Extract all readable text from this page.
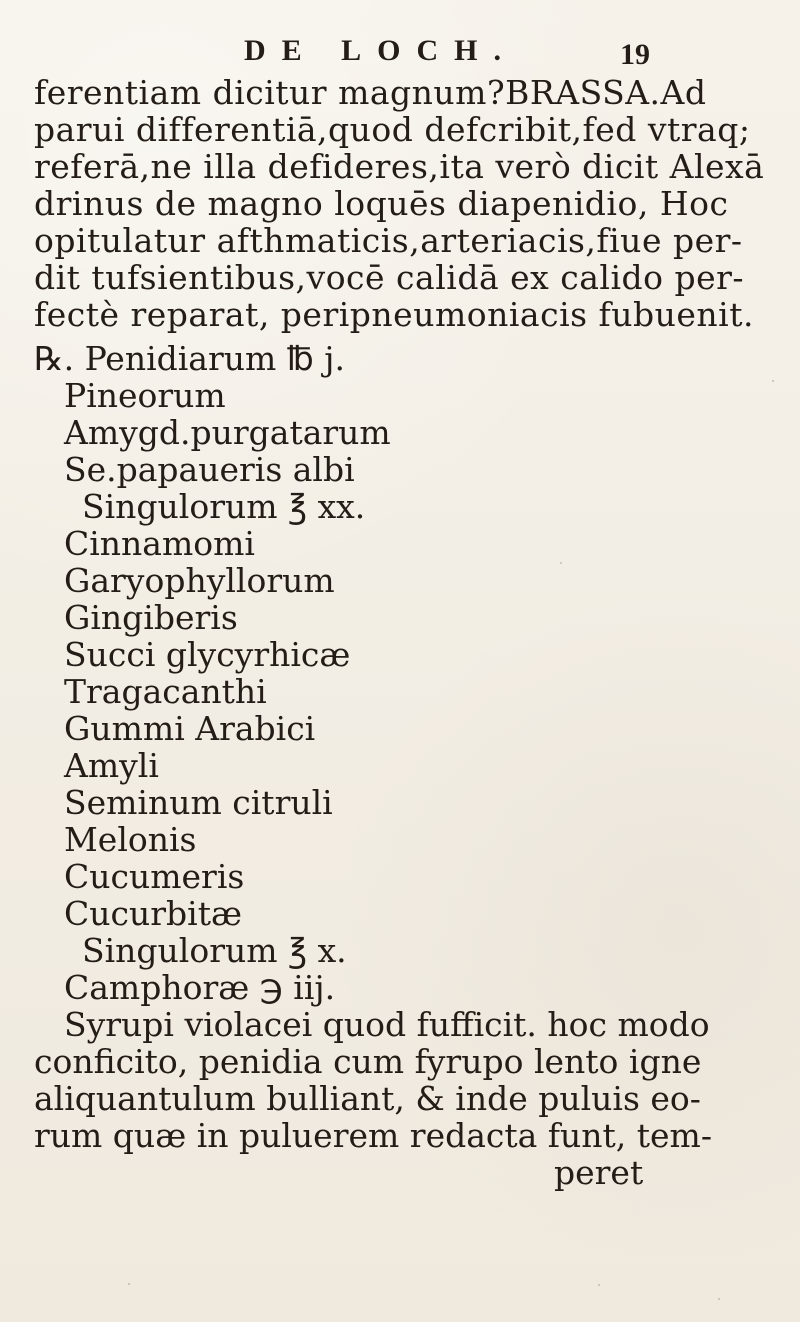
DE LOCH.	19
ferentiam dicitur magnum?BRASSA.Ad
parui differentiā,quod defcribit,fed vtraq;
referā,ne illa defideres,ita verò dicit Alexā
drinus de magno loquēs diapenidio, Hoc
opitulatur afthmaticis,arteriacis,fiue per-
dit tufsientibus,vocē calidā ex calido per-
fectè reparat, peripneumoniacis fubuenit.
℞. Penidiarum ℔ j.
Pineorum
Amygd.purgatarum
Se.papaueris albi
Singulorum ℥ xx.
Cinnamomi
Garyophyllorum
Gingiberis
Succi glycyrhicæ
Tragacanthi
Gummi Arabici
Amyli
Seminum citruli
Melonis
Cucumeris
Cucurbitæ
Singulorum ℥ x.
Camphoræ ℈ iij.
Syrupi violacei quod fufficit. hoc modo
conficito, penidia cum fyrupo lento igne
aliquantulum bulliant, & inde puluis eo-
rum quæ in puluerem redacta funt, tem-
peret
